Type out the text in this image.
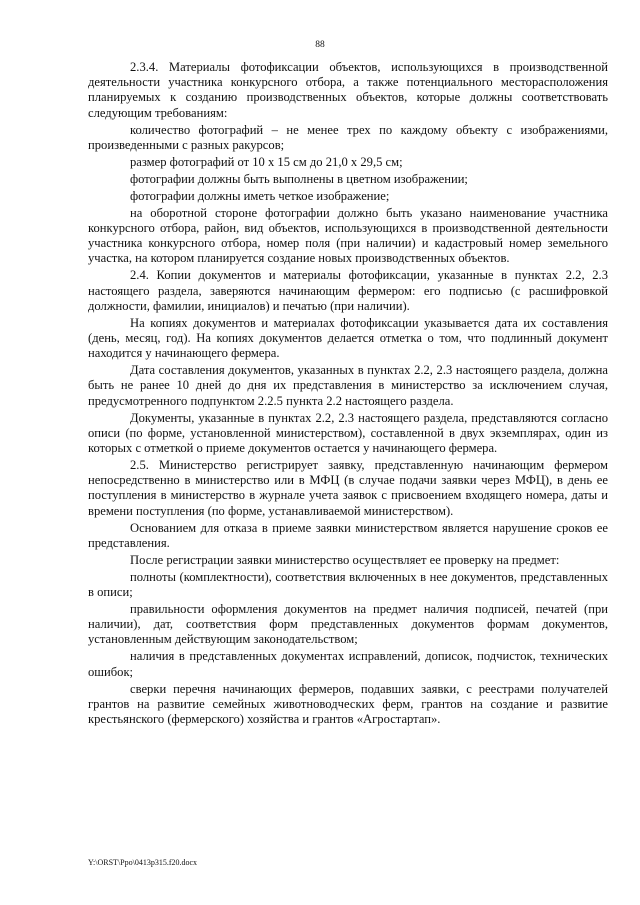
88

2.3.4. Материалы фотофиксации объектов, использующихся в производственной деятельности участника конкурсного отбора, а также потенциального месторасположения планируемых к созданию производственных объектов, которые должны соответствовать следующим требованиям:

количество фотографий – не менее трех по каждому объекту с изображениями, произведенными с разных ракурсов;

размер фотографий от 10 х 15 см до 21,0 х 29,5 см;

фотографии должны быть выполнены в цветном изображении;

фотографии должны иметь четкое изображение;

на оборотной стороне фотографии должно быть указано наименование участника конкурсного отбора, район, вид объектов, использующихся в производственной деятельности участника конкурсного отбора, номер поля (при наличии) и кадастровый номер земельного участка, на котором планируется создание новых производственных объектов.

2.4. Копии документов и материалы фотофиксации, указанные в пунктах 2.2, 2.3 настоящего раздела, заверяются начинающим фермером: его подписью (с расшифровкой должности, фамилии, инициалов) и печатью (при наличии).

На копиях документов и материалах фотофиксации указывается дата их составления (день, месяц, год). На копиях документов делается отметка о том, что подлинный документ находится у начинающего фермера.

Дата составления документов, указанных в пунктах 2.2, 2.3 настоящего раздела, должна быть не ранее 10 дней до дня их представления в министерство за исключением случая, предусмотренного подпунктом 2.2.5 пункта 2.2 настоящего раздела.

Документы, указанные в пунктах 2.2, 2.3 настоящего раздела, представляются согласно описи (по форме, установленной министерством), составленной в двух экземплярах, один из которых с отметкой о приеме документов остается у начинающего фермера.

2.5. Министерство регистрирует заявку, представленную начинающим фермером непосредственно в министерство или в МФЦ (в случае подачи заявки через МФЦ), в день ее поступления в министерство в журнале учета заявок с присвоением входящего номера, даты и времени поступления (по форме, устанавливаемой министерством).

Основанием для отказа в приеме заявки министерством является нарушение сроков ее представления.

После регистрации заявки министерство осуществляет ее проверку на предмет:

полноты (комплектности), соответствия включенных в нее документов, представленных в описи;

правильности оформления документов на предмет наличия подписей, печатей (при наличии), дат, соответствия форм представленных документов формам документов, установленным действующим законодательством;

наличия в представленных документах исправлений, дописок, подчисток, технических ошибок;

сверки перечня начинающих фермеров, подавших заявки, с реестрами получателей грантов на развитие семейных животноводческих ферм, грантов на создание и развитие крестьянского (фермерского) хозяйства и грантов «Агростартап».

Y:\ORST\Ppo\0413p315.f20.docx
